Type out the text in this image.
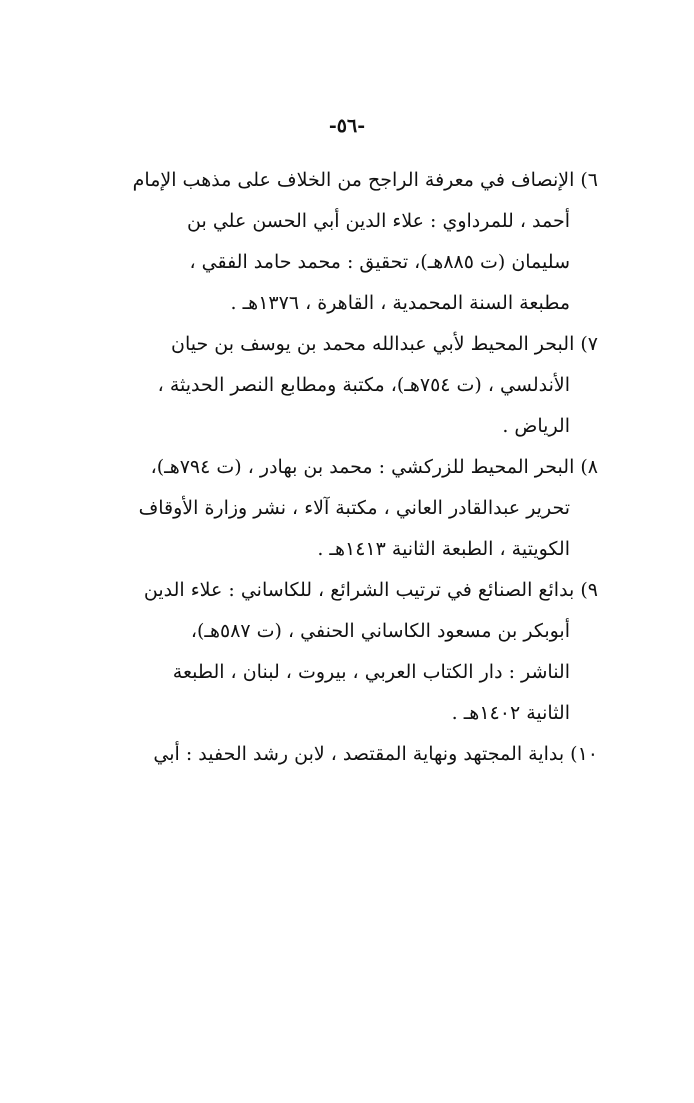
-٥٦-

٦)الإنصاف في معرفة الراجح من الخلاف على مذهب الإمام
أحمد ، للمرداوي : علاء الدين أبي الحسن علي بن
سليمان (ت ٨٨٥هـ)، تحقيق : محمد حامد الفقي ،
مطبعة السنة المحمدية ، القاهرة ، ١٣٧٦هـ .

٧)البحر المحيط لأبي عبدالله محمد بن يوسف بن حيان
الأندلسي ، (ت ٧٥٤هـ)، مكتبة ومطابع النصر الحديثة ،
الرياض .

٨)البحر المحيط للزركشي : محمد بن بهادر ، (ت ٧٩٤هـ)،
تحرير عبدالقادر العاني ، مكتبة آلاء ، نشر وزارة الأوقاف
الكويتية ، الطبعة الثانية ١٤١٣هـ .

٩)بدائع الصنائع في ترتيب الشرائع ، للكاساني : علاء الدين
أبوبكر بن مسعود الكاساني الحنفي ، (ت ٥٨٧هـ)،
الناشر : دار الكتاب العربي ، بيروت ، لبنان ، الطبعة
الثانية ١٤٠٢هـ .

١٠)بداية المجتهد ونهاية المقتصد ، لابن رشد الحفيد : أبي
